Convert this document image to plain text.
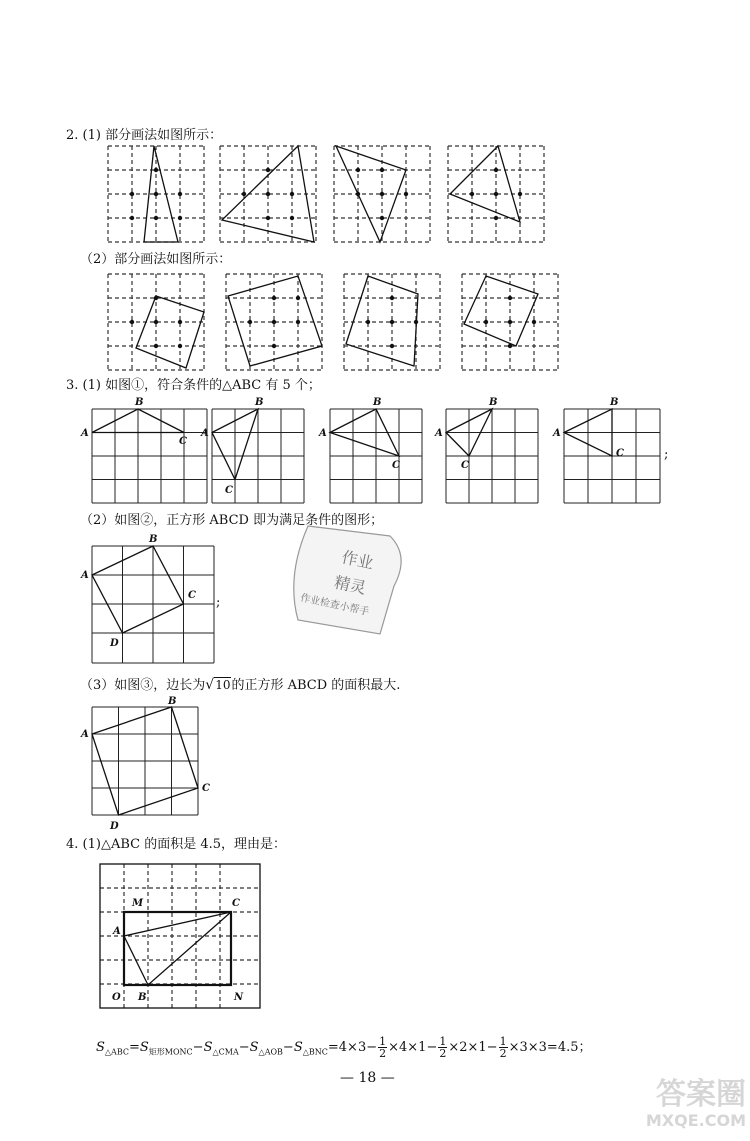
2. (1) 部分画法如图所示：
（2）部分画法如图所示：
3. (1) 如图①，符合条件的△ABC 有 5 个；
A
B
C
A
B
C
A
B
C
A
B
C
A
B
C	;
（2）如图②，正方形 ABCD 即为满足条件的图形；
A
B
C
D
;
作业
精灵
作业检查小帮手
（3）如图③，边长为√10的正方形 ABCD 的面积最大.
A
B
C
D
4. (1)△ABC 的面积是 4.5，理由是：
M	C
A
O B	N
$S_{\triangle ABC}=S_{矩形MONC}-S_{\triangle CMA}-S_{\triangle AOB}-S_{\triangle BNC}=4\times 3- \frac{1}{2} \times 4\times 1- \frac{1}{2} \times 2\times 1- \frac{1}{2} \times 3\times 3=4.5$；
— 18 —	答案圈
MXQE.COM
